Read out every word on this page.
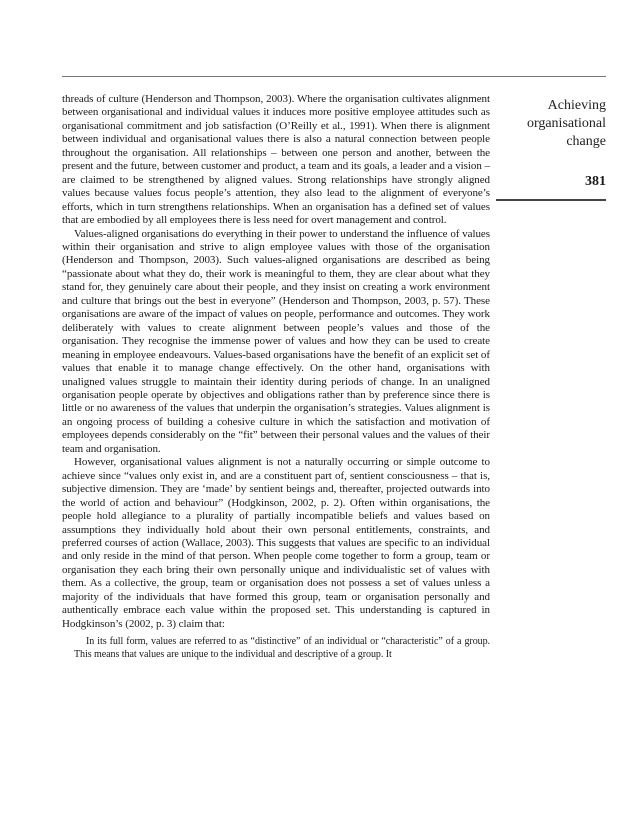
threads of culture (Henderson and Thompson, 2003). Where the organisation cultivates alignment between organisational and individual values it induces more positive employee attitudes such as organisational commitment and job satisfaction (O’Reilly et al., 1991). When there is alignment between individual and organisational values there is also a natural connection between people throughout the organisation. All relationships – between one person and another, between the present and the future, between customer and product, a team and its goals, a leader and a vision – are claimed to be strengthened by aligned values. Strong relationships have strongly aligned values because values focus people’s attention, they also lead to the alignment of everyone’s efforts, which in turn strengthens relationships. When an organisation has a defined set of values that are embodied by all employees there is less need for overt management and control.

Values-aligned organisations do everything in their power to understand the influence of values within their organisation and strive to align employee values with those of the organisation (Henderson and Thompson, 2003). Such values-aligned organisations are described as being “passionate about what they do, their work is meaningful to them, they are clear about what they stand for, they genuinely care about their people, and they insist on creating a work environment and culture that brings out the best in everyone” (Henderson and Thompson, 2003, p. 57). These organisations are aware of the impact of values on people, performance and outcomes. They work deliberately with values to create alignment between people’s values and those of the organisation. They recognise the immense power of values and how they can be used to create meaning in employee endeavours. Values-based organisations have the benefit of an explicit set of values that enable it to manage change effectively. On the other hand, organisations with unaligned values struggle to maintain their identity during periods of change. In an unaligned organisation people operate by objectives and obligations rather than by preference since there is little or no awareness of the values that underpin the organisation’s strategies. Values alignment is an ongoing process of building a cohesive culture in which the satisfaction and motivation of employees depends considerably on the “fit” between their personal values and the values of their team and organisation.

However, organisational values alignment is not a naturally occurring or simple outcome to achieve since “values only exist in, and are a constituent part of, sentient consciousness – that is, subjective dimension. They are ‘made’ by sentient beings and, thereafter, projected outwards into the world of action and behaviour” (Hodgkinson, 2002, p. 2). Often within organisations, the people hold allegiance to a plurality of partially incompatible beliefs and values based on assumptions they individually hold about their own personal entitlements, constraints, and preferred courses of action (Wallace, 2003). This suggests that values are specific to an individual and only reside in the mind of that person. When people come together to form a group, team or organisation they each bring their own personally unique and individualistic set of values with them. As a collective, the group, team or organisation does not possess a set of values unless a majority of the individuals that have formed this group, team or organisation personally and authentically embrace each value within the proposed set. This understanding is captured in Hodgkinson’s (2002, p. 3) claim that:

In its full form, values are referred to as “distinctive” of an individual or “characteristic” of a group. This means that values are unique to the individual and descriptive of a group. It

Achieving organisational change
381
